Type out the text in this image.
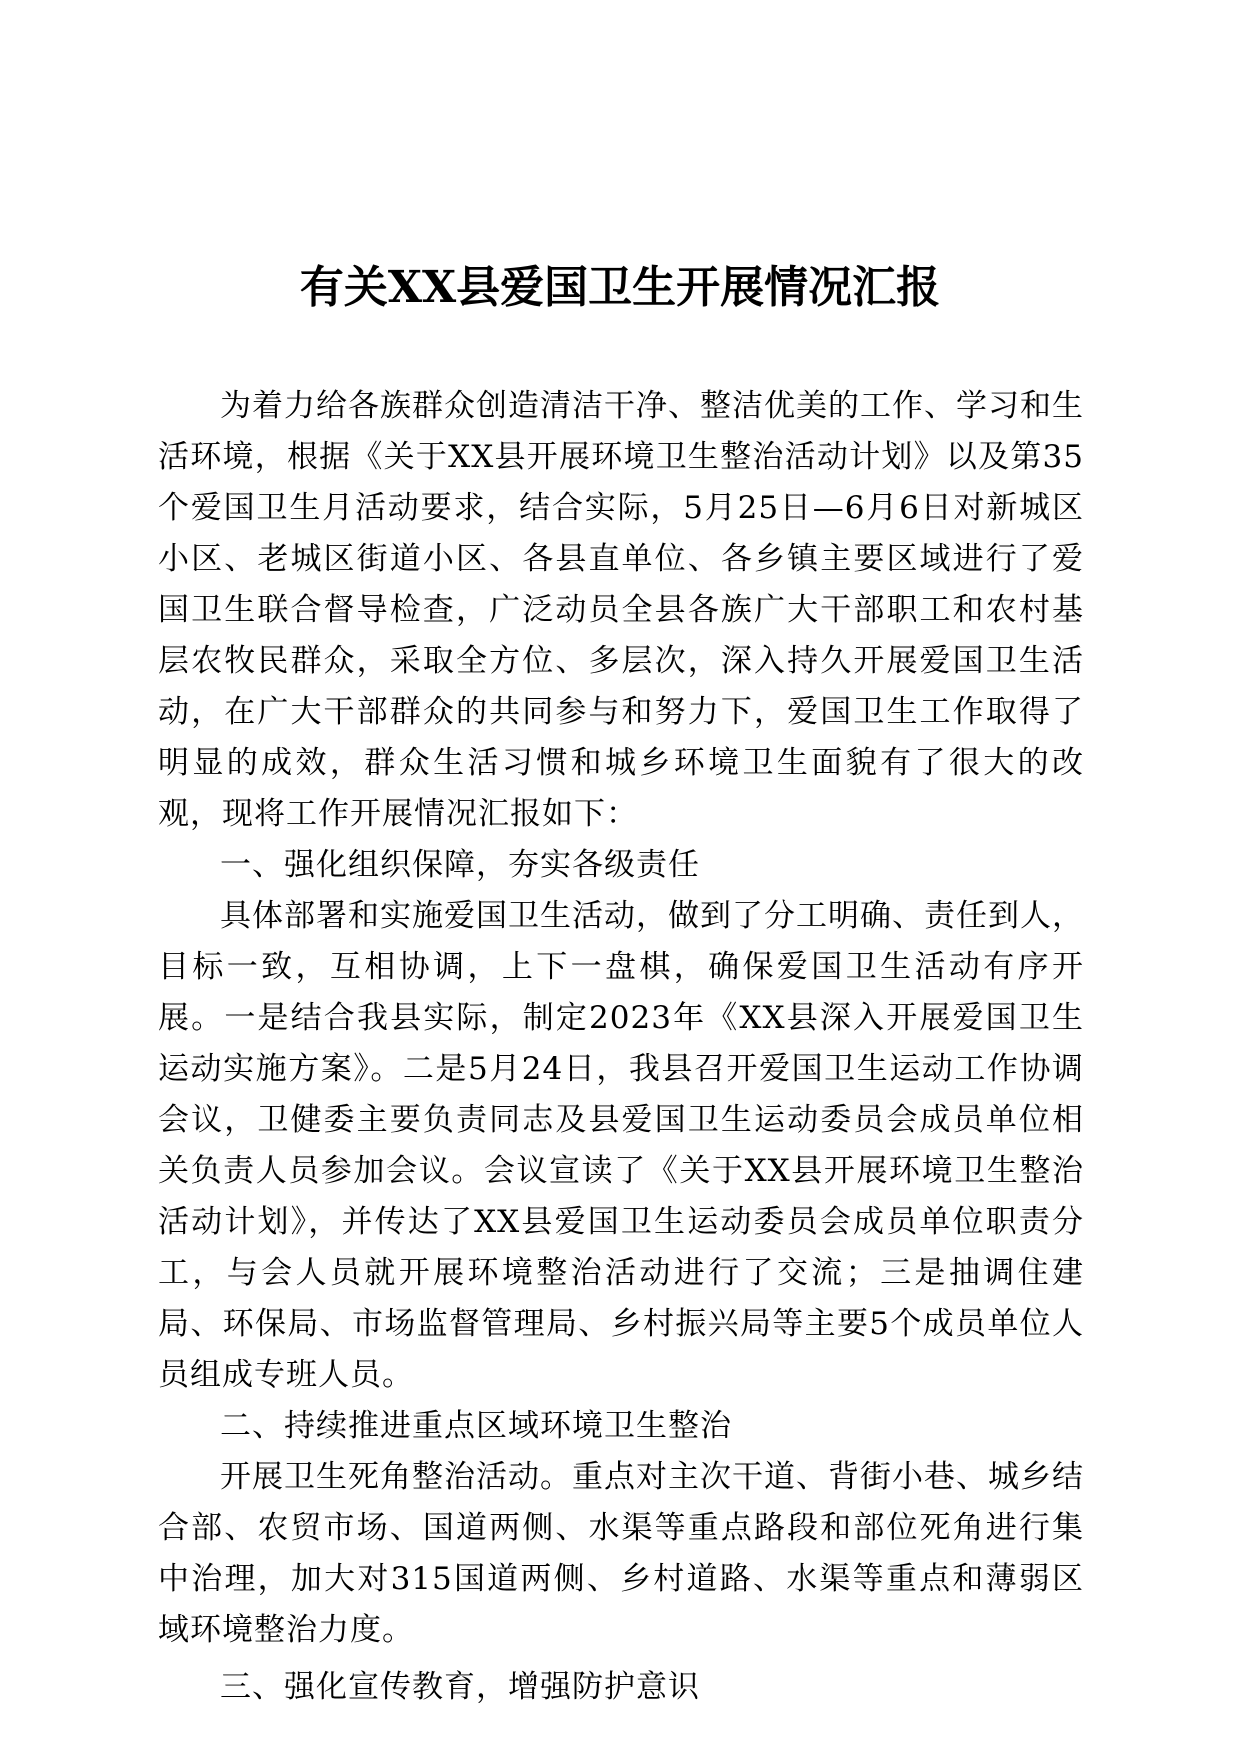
有关XX县爱国卫生开展情况汇报

为着力给各族群众创造清洁干净、整洁优美的工作、学习和生活环境，根据《关于XX县开展环境卫生整治活动计划》以及第35个爱国卫生月活动要求，结合实际，5月25日—6月6日对新城区小区、老城区街道小区、各县直单位、各乡镇主要区域进行了爱国卫生联合督导检查，广泛动员全县各族广大干部职工和农村基层农牧民群众，采取全方位、多层次，深入持久开展爱国卫生活动，在广大干部群众的共同参与和努力下，爱国卫生工作取得了明显的成效，群众生活习惯和城乡环境卫生面貌有了很大的改观，现将工作开展情况汇报如下：

一、强化组织保障，夯实各级责任

具体部署和实施爱国卫生活动，做到了分工明确、责任到人，目标一致，互相协调，上下一盘棋，确保爱国卫生活动有序开展。一是结合我县实际，制定2023年《XX县深入开展爱国卫生运动实施方案》。二是5月24日，我县召开爱国卫生运动工作协调会议，卫健委主要负责同志及县爱国卫生运动委员会成员单位相关负责人员参加会议。会议宣读了《关于XX县开展环境卫生整治活动计划》，并传达了XX县爱国卫生运动委员会成员单位职责分工，与会人员就开展环境整治活动进行了交流；三是抽调住建局、环保局、市场监督管理局、乡村振兴局等主要5个成员单位人员组成专班人员。

二、持续推进重点区域环境卫生整治

开展卫生死角整治活动。重点对主次干道、背街小巷、城乡结合部、农贸市场、国道两侧、水渠等重点路段和部位死角进行集中治理，加大对315国道两侧、乡村道路、水渠等重点和薄弱区域环境整治力度。

三、强化宣传教育，增强防护意识
